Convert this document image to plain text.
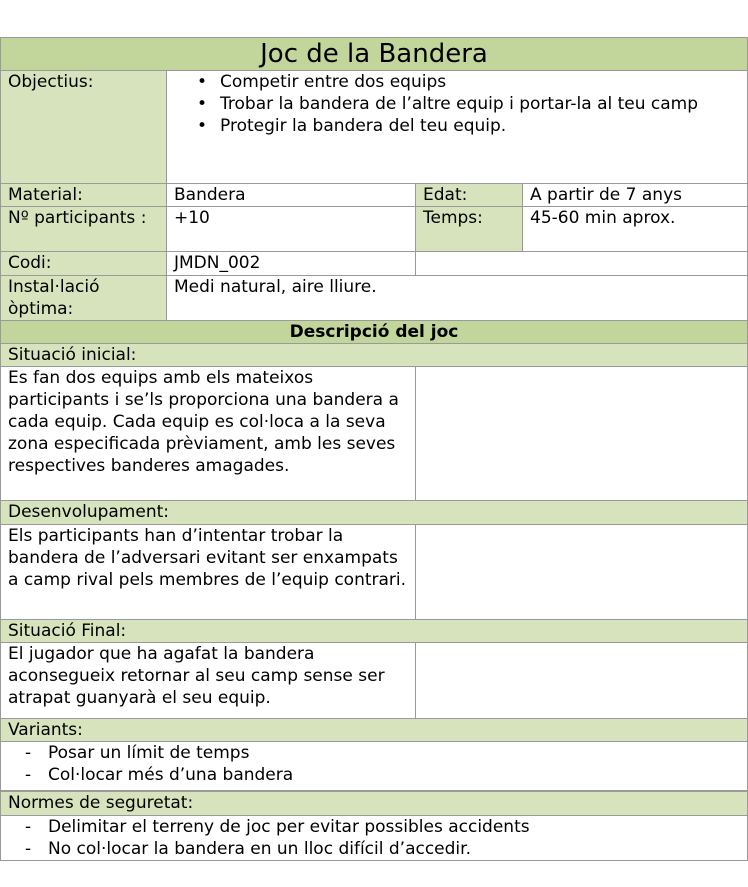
Joc de la Bandera
Objectius:
•	Competir entre dos equips
• Trobar la bandera de l’altre equip i portar-la al teu camp
• Protegir la bandera del teu equip.
Material:	Bandera	Edat:	A partir de 7 anys
Nº participants :	+10	Temps:	45-60 min aprox.
Codi:	JMDN_002
Instal·lació òptima:
Medi natural, aire lliure.
Descripció del joc
Situació inicial:
Es fan dos equips amb els mateixos participants i se’ls proporciona una bandera a cada equip. Cada equip es col·loca a la seva zona especificada prèviament, amb les seves respectives banderes amagades.
Desenvolupament:
Els participants han d’intentar trobar la bandera de l’adversari evitant ser enxampats a camp rival pels membres de l’equip contrari.
Situació Final:
El jugador que ha agafat la bandera aconsegueix retornar al seu camp sense ser atrapat guanyarà el seu equip.
Variants:
- Posar un límit de temps
- Col·locar més d’una bandera
Normes de seguretat:
- Delimitar el terreny de joc per evitar possibles accidents
- No col·locar la bandera en un lloc difícil d’accedir.
